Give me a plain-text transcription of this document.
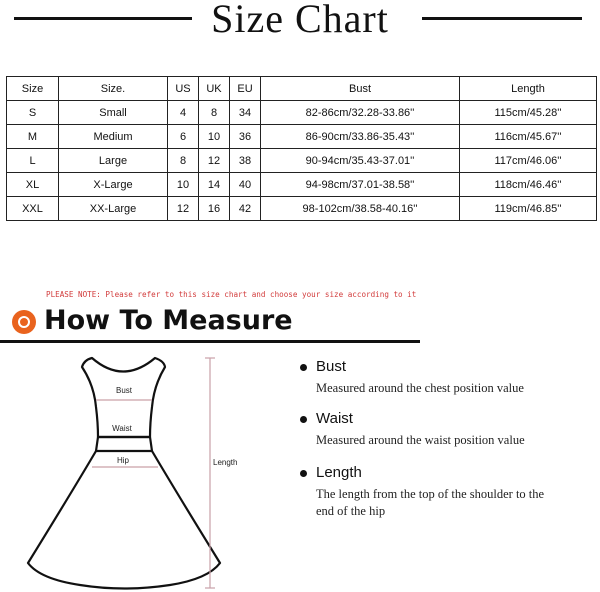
Size Chart
Size	Size.	US	UK	EU	Bust	Length
S	Small	4	8	34	82-86cm/32.28-33.86''	115cm/45.28''
M	Medium	6	10	36	86-90cm/33.86-35.43''	116cm/45.67''
L	Large	8	12	38	90-94cm/35.43-37.01''	117cm/46.06''
XL	X-Large	10	14	40	94-98cm/37.01-38.58''	118cm/46.46''
XXL	XX-Large	12	16	42	98-102cm/38.58-40.16''	119cm/46.85''
PLEASE NOTE: Please refer to this size chart and choose your size according to it
How To Measure
Bust
Waist
Hip	Length
Bust
Measured around the chest position value
Waist
Measured around the waist position value
Length
The length from the top of the shoulder to the end of the hip
